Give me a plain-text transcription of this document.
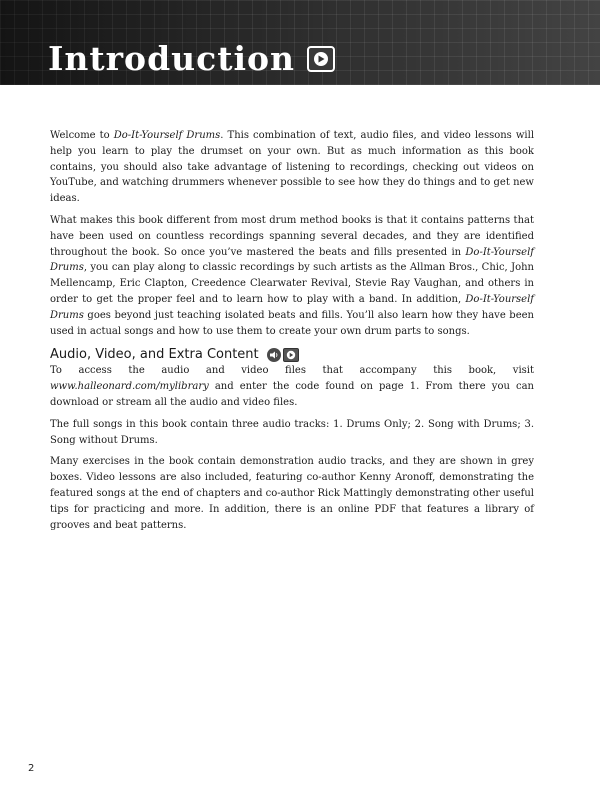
Introduction

Welcome to Do-It-Yourself Drums. This combination of text, audio files, and video lessons will help you learn to play the drumset on your own. But as much information as this book contains, you should also take advantage of listening to recordings, checking out videos on YouTube, and watching drummers whenever possible to see how they do things and to get new ideas.

What makes this book different from most drum method books is that it contains patterns that have been used on countless recordings spanning several decades, and they are identified throughout the book. So once you’ve mastered the beats and fills presented in Do-It-Yourself Drums, you can play along to classic recordings by such artists as the Allman Bros., Chic, John Mellencamp, Eric Clapton, Creedence Clearwater Revival, Stevie Ray Vaughan, and others in order to get the proper feel and to learn how to play with a band. In addition, Do-It-Yourself Drums goes beyond just teaching isolated beats and fills. You’ll also learn how they have been used in actual songs and how to use them to create your own drum parts to songs.

Audio, Video, and Extra Content

To access the audio and video files that accompany this book, visit www.halleonard.com/mylibrary and enter the code found on page 1. From there you can download or stream all the audio and video files.

The full songs in this book contain three audio tracks: 1. Drums Only; 2. Song with Drums; 3. Song without Drums.

Many exercises in the book contain demonstration audio tracks, and they are shown in grey boxes. Video lessons are also included, featuring co-author Kenny Aronoff, demonstrating the featured songs at the end of chapters and co-author Rick Mattingly demonstrating other useful tips for practicing and more. In addition, there is an online PDF that features a library of grooves and beat patterns.

2
